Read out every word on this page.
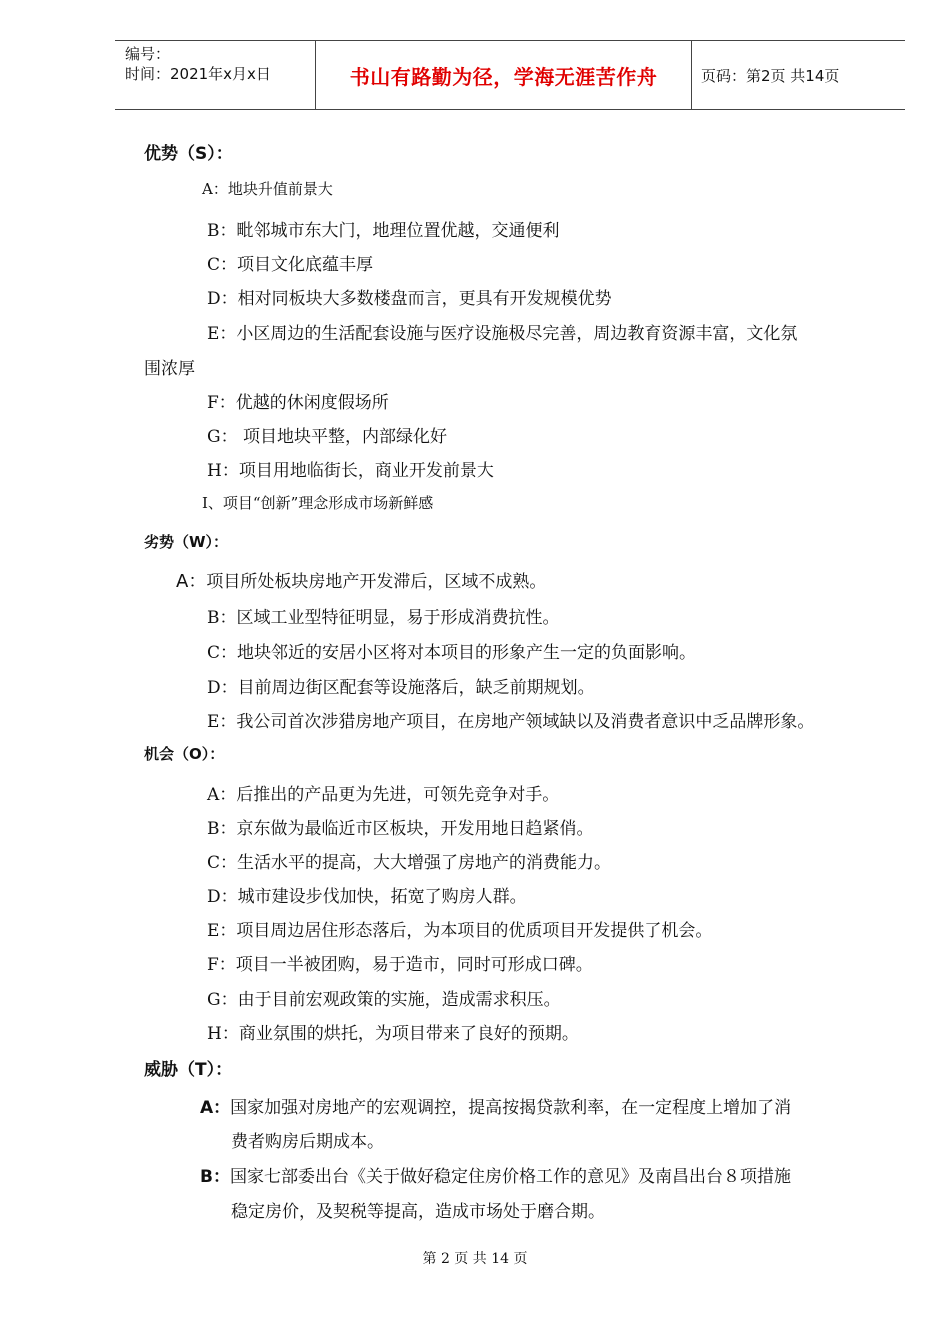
编号：
时间：2021年x月x日	书山有路勤为径，学海无涯苦作舟	页码：第2页 共14页
优势（S）：
A：地块升值前景大
B：毗邻城市东大门，地理位置优越，交通便利
C：项目文化底蕴丰厚
D：相对同板块大多数楼盘而言，更具有开发规模优势
E：小区周边的生活配套设施与医疗设施极尽完善，周边教育资源丰富，文化氛
围浓厚
F：优越的休闲度假场所
G： 项目地块平整，内部绿化好
H：项目用地临街长，商业开发前景大
I、项目“创新”理念形成市场新鲜感
劣势（W）：
A：项目所处板块房地产开发滞后，区域不成熟。
B：区域工业型特征明显，易于形成消费抗性。
C：地块邻近的安居小区将对本项目的形象产生一定的负面影响。
D：目前周边街区配套等设施落后，缺乏前期规划。
E：我公司首次涉猎房地产项目，在房地产领域缺以及消费者意识中乏品牌形象。
机会（O）：
A：后推出的产品更为先进，可领先竞争对手。
B：京东做为最临近市区板块，开发用地日趋紧俏。
C：生活水平的提高，大大增强了房地产的消费能力。
D：城市建设步伐加快，拓宽了购房人群。
E：项目周边居住形态落后，为本项目的优质项目开发提供了机会。
F：项目一半被团购，易于造市，同时可形成口碑。
G：由于目前宏观政策的实施，造成需求积压。
H：商业氛围的烘托，为项目带来了良好的预期。
威胁（T）：
A：国家加强对房地产的宏观调控，提高按揭贷款利率，在一定程度上增加了消
费者购房后期成本。
B：国家七部委出台《关于做好稳定住房价格工作的意见》及南昌出台８项措施
稳定房价，及契税等提高，造成市场处于磨合期。
第 2 页 共 14 页
